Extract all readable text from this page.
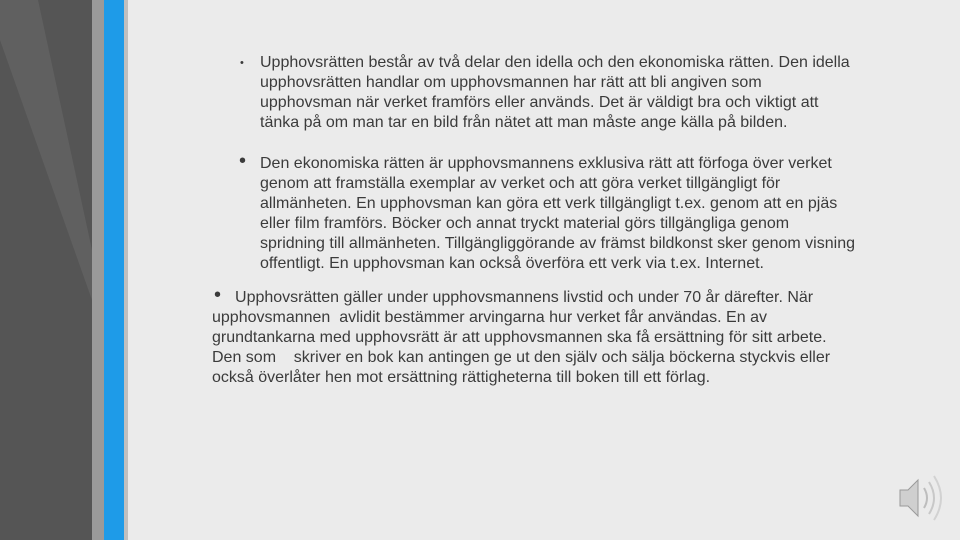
• Upphovsrätten består av två delar den idella och den ekonomiska rätten. Den idella upphovsrätten handlar om upphovsmannen har rätt att bli angiven som upphovsman när verket framförs eller används. Det är väldigt bra och viktigt att tänka på om man tar en bild från nätet att man måste ange källa på bilden.

• Den ekonomiska rätten är upphovsmannens exklusiva rätt att förfoga över verket genom att framställa exemplar av verket och att göra verket tillgängligt för allmänheten. En upphovsman kan göra ett verk tillgängligt t.ex. genom att en pjäs eller film framförs. Böcker och annat tryckt material görs tillgängliga genom spridning till allmänheten. Tillgängliggörande av främst bildkonst sker genom visning offentligt. En upphovsman kan också överföra ett verk via t.ex. Internet.

• Upphovsrätten gäller under upphovsmannens livstid och under 70 år därefter. När upphovsmannen  avlidit bestämmer arvingarna hur verket får användas. En av grundtankarna med upphovsrätt är att upphovsmannen ska få ersättning för sitt arbete. Den som    skriver en bok kan antingen ge ut den själv och sälja böckerna styckvis eller också överlåter hen mot ersättning rättigheterna till boken till ett förlag.
